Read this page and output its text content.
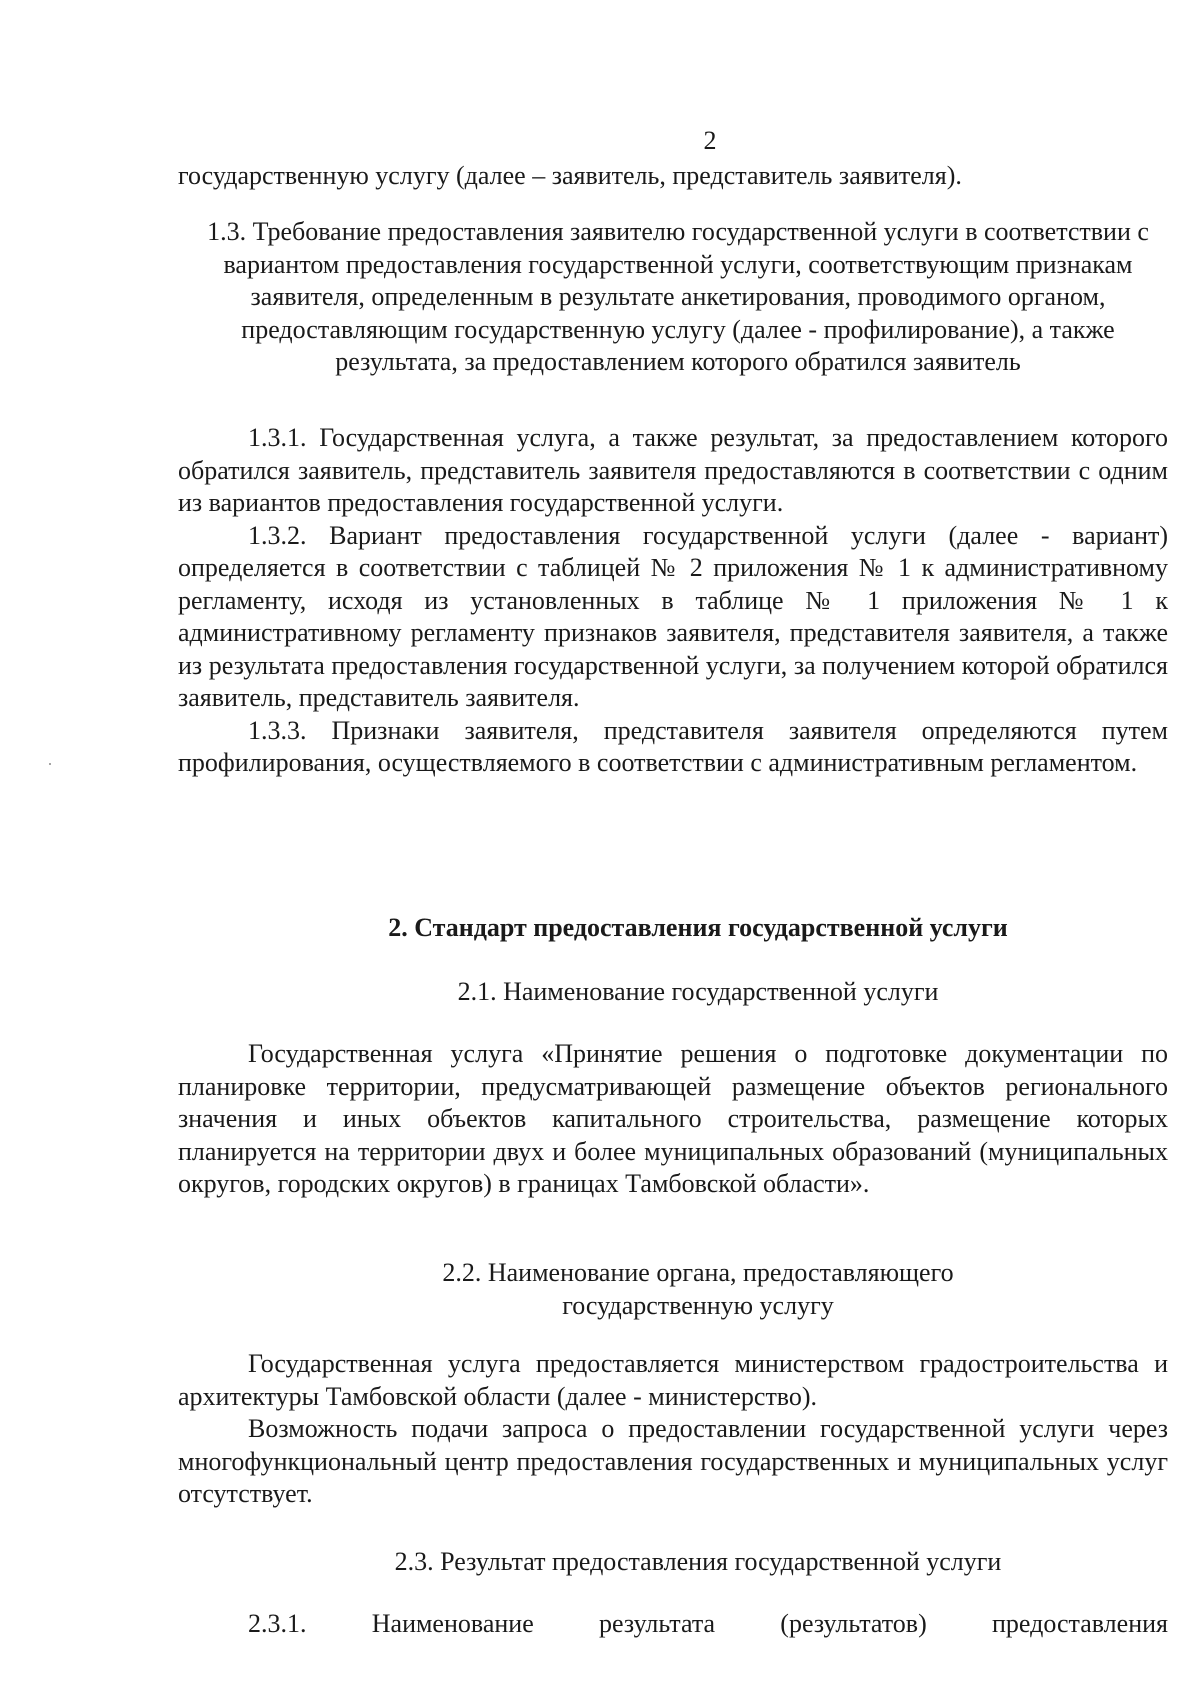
2

государственную услугу (далее – заявитель, представитель заявителя).

1.3. Требование предоставления заявителю государственной услуги в соответствии с вариантом предоставления государственной услуги, соответствующим признакам заявителя, определенным в результате анкетирования, проводимого органом, предоставляющим государственную услугу (далее - профилирование), а также результата, за предоставлением которого обратился заявитель

1.3.1. Государственная услуга, а также результат, за предоставлением которого обратился заявитель, представитель заявителя предоставляются в соответствии с одним из вариантов предоставления государственной услуги.

1.3.2. Вариант предоставления государственной услуги (далее - вариант) определяется в соответствии с таблицей № 2 приложения № 1 к административному регламенту, исходя из установленных в таблице № 1 приложения № 1 к административному регламенту признаков заявителя, представителя заявителя, а также из результата предоставления государственной услуги, за получением которой обратился заявитель, представитель заявителя.

1.3.3. Признаки заявителя, представителя заявителя определяются путем профилирования, осуществляемого в соответствии с административным регламентом.

2. Стандарт предоставления государственной услуги
2.1. Наименование государственной услуги

Государственная услуга «Принятие решения о подготовке документации по планировке территории, предусматривающей размещение объектов регионального значения и иных объектов капитального строительства, размещение которых планируется на территории двух и более муниципальных образований (муниципальных округов, городских округов) в границах Тамбовской области».

2.2. Наименование органа, предоставляющего
государственную услугу

Государственная услуга предоставляется министерством градостроительства и архитектуры Тамбовской области (далее - министерство).

Возможность подачи запроса о предоставлении государственной услуги через многофункциональный центр предоставления государственных и муниципальных услуг отсутствует.

2.3. Результат предоставления государственной услуги
2.3.1.	Наименование	результата	(результатов)	предоставления
